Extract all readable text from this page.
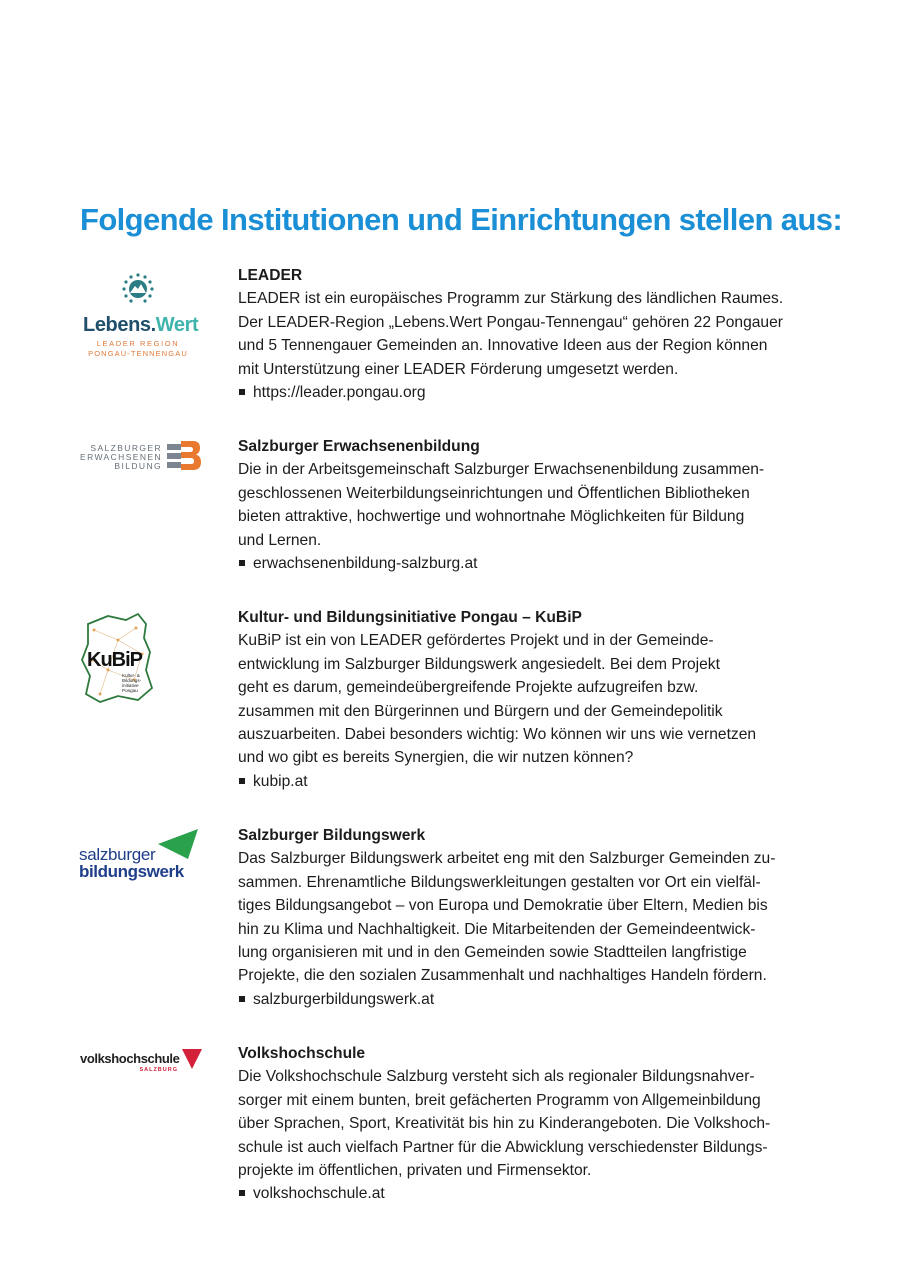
Folgende Institutionen und Einrichtungen stellen aus:
Lebens.Wert
LEADER REGION
PONGAU-TENNENGAU

LEADER

LEADER ist ein europäisches Programm zur Stärkung des ländlichen Raumes.
Der LEADER-Region „Lebens.Wert Pongau-Tennengau“ gehören 22 Pongauer
und 5 Tennengauer Gemeinden an. Innovative Ideen aus der Region können
mit Unterstützung einer LEADER Förderung umgesetzt werden.

https://leader.pongau.org

SALZBURGER
ERWACHSENEN
BILDUNG

Salzburger Erwachsenenbildung

Die in der Arbeitsgemeinschaft Salzburger Erwachsenenbildung zusammen-
geschlossenen Weiterbildungseinrichtungen und Öffentlichen Bibliotheken
bieten attraktive, hochwertige und wohnortnahe Möglichkeiten für Bildung
und Lernen.

erwachsenenbildung-salzburg.at

KuBiP
Kultur- &
Bildungs-
initiative
Pongau

Kultur- und Bildungsinitiative Pongau – KuBiP

KuBiP ist ein von LEADER gefördertes Projekt und in der Gemeinde-
entwicklung im Salzburger Bildungswerk angesiedelt. Bei dem Projekt
geht es darum, gemeindeübergreifende Projekte aufzugreifen bzw.
zusammen mit den Bürgerinnen und Bürgern und der Gemeindepolitik
auszuarbeiten. Dabei besonders wichtig: Wo können wir uns wie vernetzen
und wo gibt es bereits Synergien, die wir nutzen können?

kubip.at

salzburger
bildungswerk

Salzburger Bildungswerk

Das Salzburger Bildungswerk arbeitet eng mit den Salzburger Gemeinden zu-
sammen. Ehrenamtliche Bildungswerkleitungen gestalten vor Ort ein vielfäl-
tiges Bildungsangebot – von Europa und Demokratie über Eltern, Medien bis
hin zu Klima und Nachhaltigkeit. Die Mitarbeitenden der Gemeindeentwick-
lung organisieren mit und in den Gemeinden sowie Stadtteilen langfristige
Projekte, die den sozialen Zusammenhalt und nachhaltiges Handeln fördern.

salzburgerbildungswerk.at

volkshochschule
SALZBURG

Volkshochschule

Die Volkshochschule Salzburg versteht sich als regionaler Bildungsnahver-
sorger mit einem bunten, breit gefächerten Programm von Allgemeinbildung
über Sprachen, Sport, Kreativität bis hin zu Kinderangeboten. Die Volkshoch-
schule ist auch vielfach Partner für die Abwicklung verschiedenster Bildungs-
projekte im öffentlichen, privaten und Firmensektor.

volkshochschule.at
